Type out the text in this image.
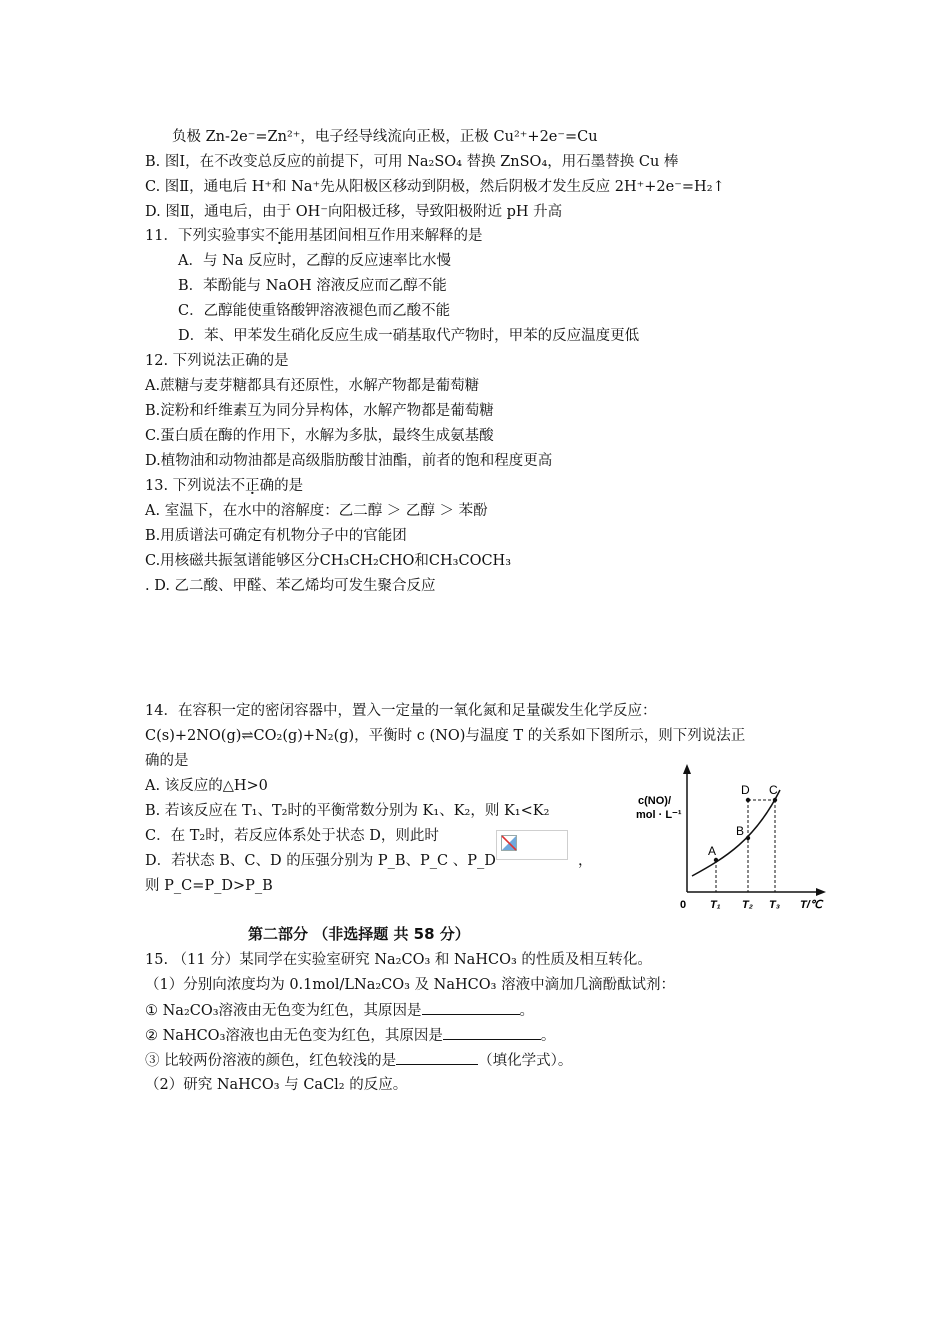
负极 Zn-2e⁻=Zn²⁺，电子经导线流向正极，正极 Cu²⁺+2e⁻=Cu
B. 图Ⅰ，在不改变总反应的前提下，可用 Na₂SO₄ 替换 ZnSO₄，用石墨替换 Cu 棒
C. 图Ⅱ，通电后 H⁺和 Na⁺先从阳极区移动到阴极，然后阴极才发生反应 2H⁺+2e⁻=H₂↑
D. 图Ⅱ，通电后，由于 OH⁻向阳极迁移，导致阳极附近 pH 升高
11．下列实验事实不能用基团间相互作用来解释的是
A．与 Na 反应时，乙醇的反应速率比水慢
B．苯酚能与 NaOH 溶液反应而乙醇不能
C．乙醇能使重铬酸钾溶液褪色而乙酸不能
D．苯、甲苯发生硝化反应生成一硝基取代产物时，甲苯的反应温度更低
12. 下列说法正确的是
A.蔗糖与麦芽糖都具有还原性，水解产物都是葡萄糖
B.淀粉和纤维素互为同分异构体，水解产物都是葡萄糖
C.蛋白质在酶的作用下，水解为多肽，最终生成氨基酸
D.植物油和动物油都是高级脂肪酸甘油酯，前者的饱和程度更高
13. 下列说法不正确的是
A. 室温下，在水中的溶解度：乙二醇 ＞ 乙醇 ＞ 苯酚
B.用质谱法可确定有机物分子中的官能团
C.用核磁共振氢谱能够区分CH₃CH₂CHO和CH₃COCH₃
. D. 乙二酸、甲醛、苯乙烯均可发生聚合反应
14．在容积一定的密闭容器中，置入一定量的一氧化氮和足量碳发生化学反应：
C(s)+2NO(g)⇌CO₂(g)+N₂(g)，平衡时 c (NO)与温度 T 的关系如下图所示，则下列说法正
确的是
A. 该反应的△H>0
B. 若该反应在 T₁、T₂时的平衡常数分别为 K₁、K₂，则 K₁<K₂
C．在 T₂时，若反应体系处于状态 D，则此时
D．若状态 B、C、D 的压强分别为 P_B、P_C 、P_D	，
则 P_C=P_D>P_B
c(NO)/
mol · L⁻¹
0
A
B
C
D
T₁ T₂ T₃ T/℃
第二部分 （非选择题 共 58 分）
15. （11 分）某同学在实验室研究 Na₂CO₃ 和 NaHCO₃ 的性质及相互转化。
（1）分别向浓度均为 0.1mol/LNa₂CO₃ 及 NaHCO₃ 溶液中滴加几滴酚酞试剂：
① Na₂CO₃溶液由无色变为红色，其原因是	。
② NaHCO₃溶液也由无色变为红色，其原因是	。
③ 比较两份溶液的颜色，红色较浅的是	（填化学式）。
（2）研究 NaHCO₃ 与 CaCl₂ 的反应。
